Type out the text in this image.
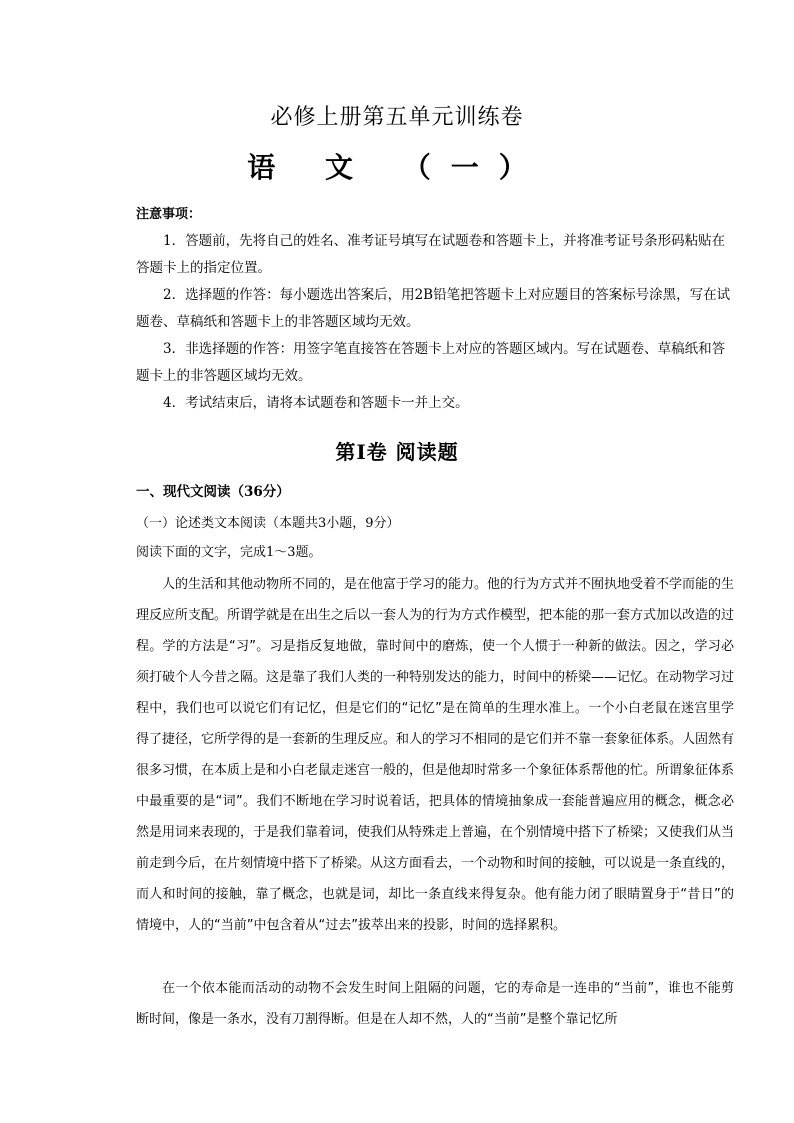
必修上册第五单元训练卷
语 文 （一）
注意事项：
1．答题前，先将自己的姓名、准考证号填写在试题卷和答题卡上，并将准考证号条形码粘贴在答题卡上的指定位置。
2．选择题的作答：每小题选出答案后，用2B铅笔把答题卡上对应题目的答案标号涂黑，写在试题卷、草稿纸和答题卡上的非答题区域均无效。
3．非选择题的作答：用签字笔直接答在答题卡上对应的答题区域内。写在试题卷、草稿纸和答题卡上的非答题区域均无效。
4．考试结束后，请将本试题卷和答题卡一并上交。
第Ⅰ卷 阅读题
一、现代文阅读（36分）
（一）论述类文本阅读（本题共3小题，9分）
阅读下面的文字，完成1～3题。
人的生活和其他动物所不同的，是在他富于学习的能力。他的行为方式并不囿执地受着不学而能的生理反应所支配。所谓学就是在出生之后以一套人为的行为方式作模型，把本能的那一套方式加以改造的过程。学的方法是“习”。习是指反复地做，靠时间中的磨炼，使一个人惯于一种新的做法。因之，学习必须打破个人今昔之隔。这是靠了我们人类的一种特别发达的能力，时间中的桥梁——记忆。在动物学习过程中，我们也可以说它们有记忆，但是它们的“记忆”是在简单的生理水准上。一个小白老鼠在迷宫里学得了捷径，它所学得的是一套新的生理反应。和人的学习不相同的是它们并不靠一套象征体系。人固然有很多习惯，在本质上是和小白老鼠走迷宫一般的，但是他却时常多一个象征体系帮他的忙。所谓象征体系中最重要的是“词”。我们不断地在学习时说着话，把具体的情境抽象成一套能普遍应用的概念，概念必然是用词来表现的，于是我们靠着词，使我们从特殊走上普遍，在个别情境中搭下了桥梁；又使我们从当前走到今后，在片刻情境中搭下了桥梁。从这方面看去，一个动物和时间的接触，可以说是一条直线的，而人和时间的接触，靠了概念，也就是词，却比一条直线来得复杂。他有能力闭了眼睛置身于“昔日”的情境中，人的“当前”中包含着从“过去”拔萃出来的投影，时间的选择累积。
在一个依本能而活动的动物不会发生时间上阻隔的问题，它的寿命是一连串的“当前”，谁也不能剪断时间，像是一条水，没有刀割得断。但是在人却不然，人的“当前”是整个靠记忆所
